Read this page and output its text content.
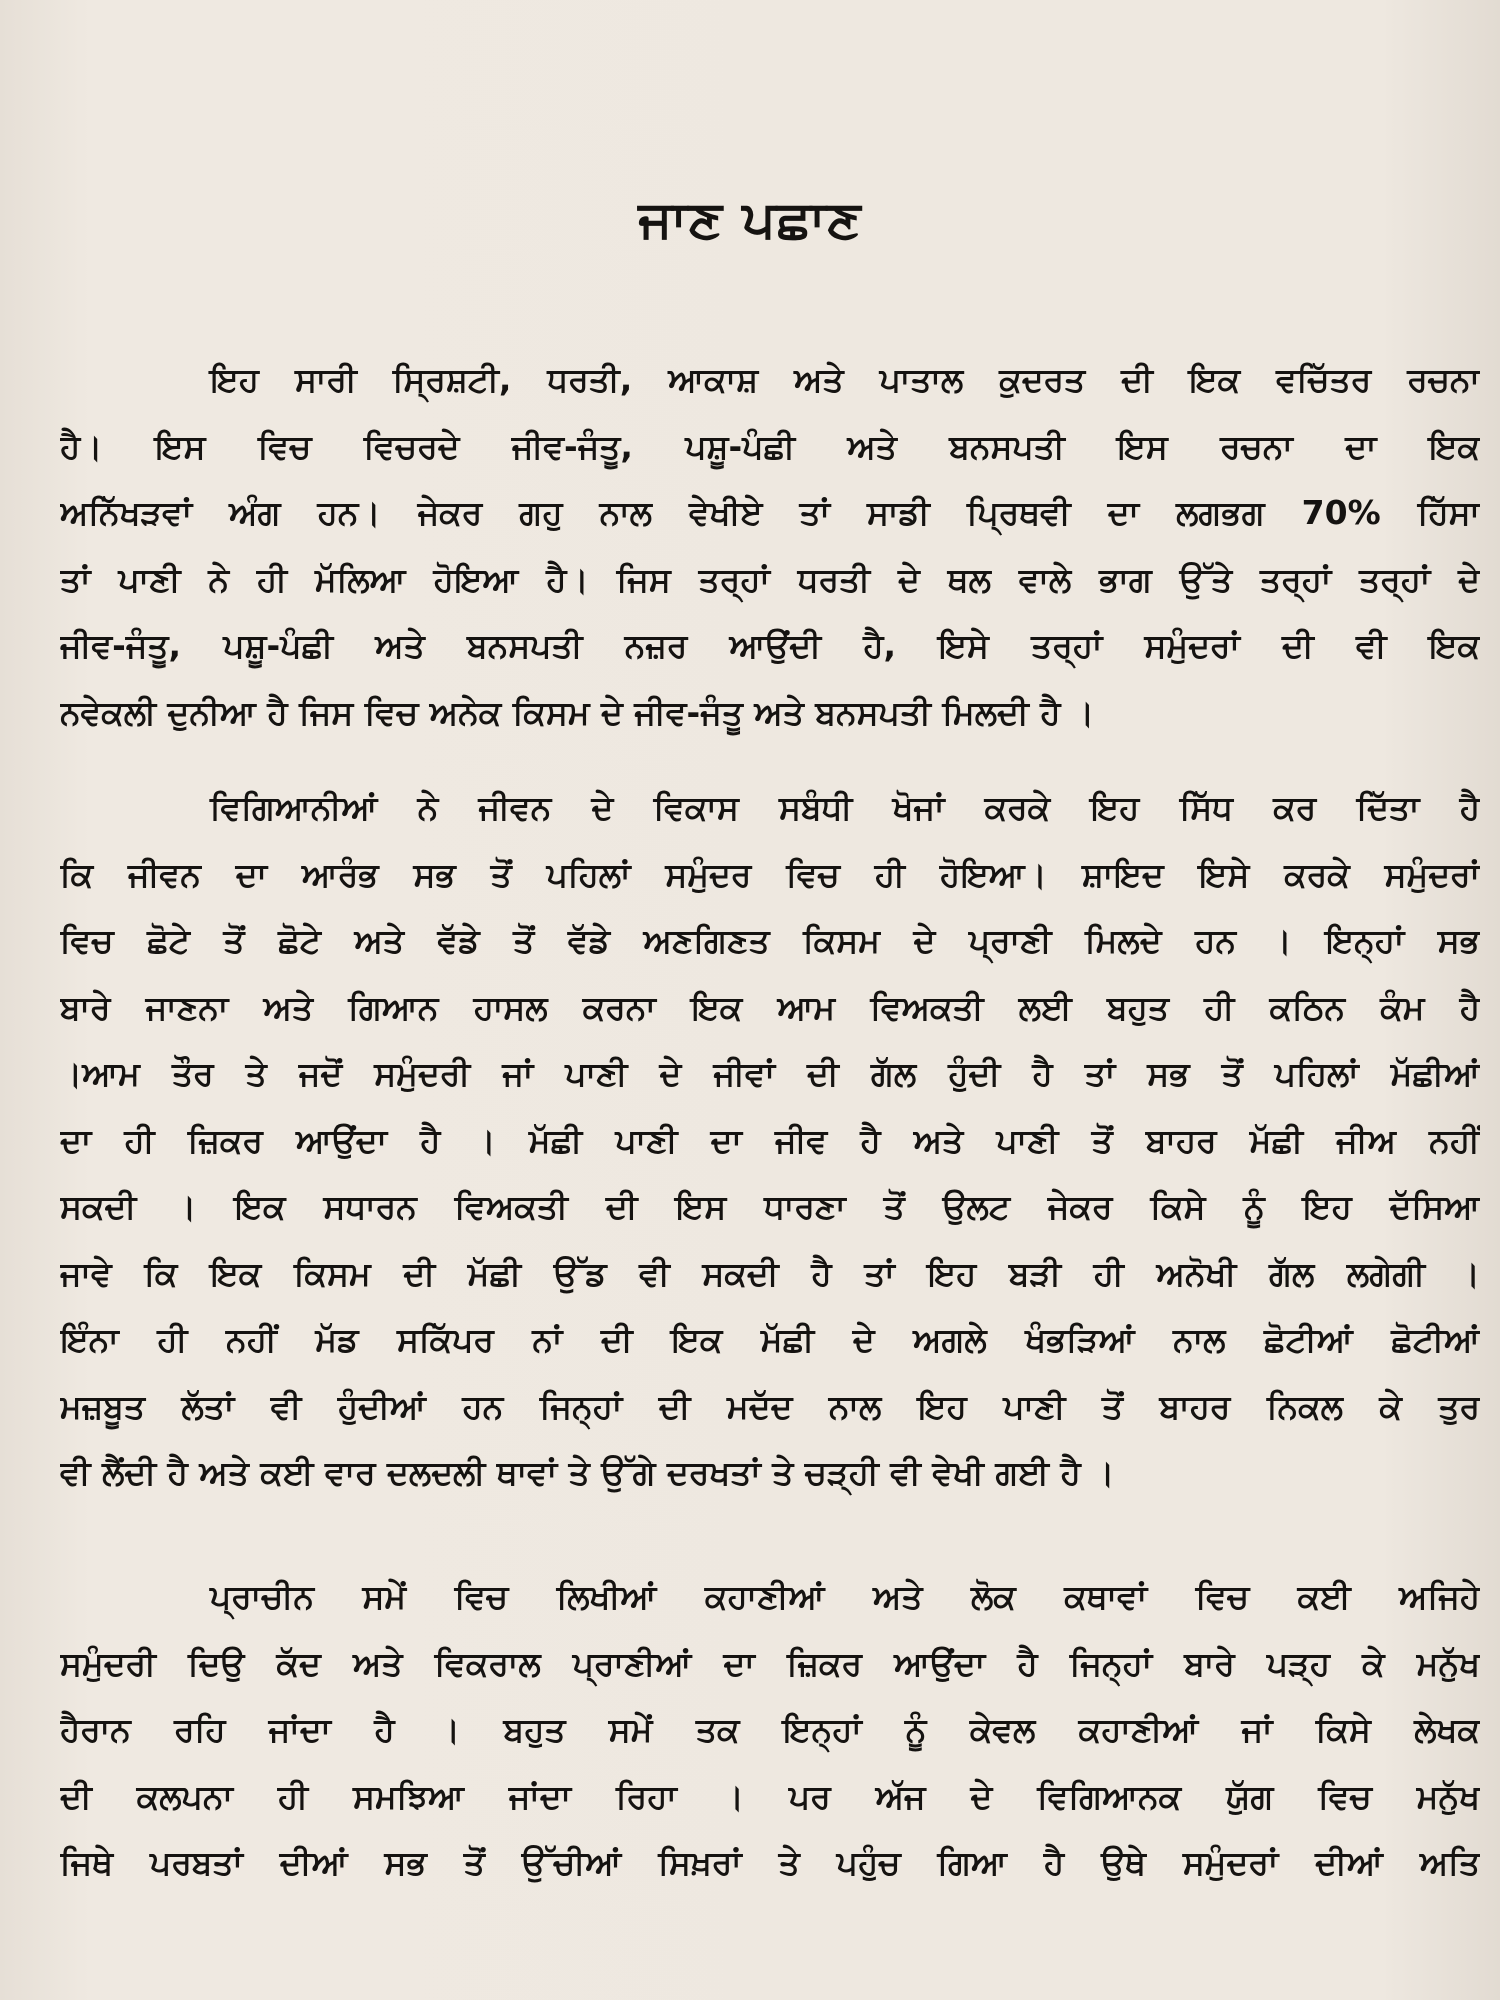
ਜਾਣ ਪਛਾਣ
ਇਹ ਸਾਰੀ ਸ੍ਰਿਸ਼ਟੀ, ਧਰਤੀ, ਆਕਾਸ਼ ਅਤੇ ਪਾਤਾਲ ਕੁਦਰਤ ਦੀ ਇਕ ਵਚਿੱਤਰ ਰਚਨਾ
ਹੈ। ਇਸ ਵਿਚ ਵਿਚਰਦੇ ਜੀਵ-ਜੰਤੂ, ਪਸ਼ੂ-ਪੰਛੀ ਅਤੇ ਬਨਸਪਤੀ ਇਸ ਰਚਨਾ ਦਾ ਇਕ
ਅਨਿੱਖੜਵਾਂ ਅੰਗ ਹਨ। ਜੇਕਰ ਗਹੁ ਨਾਲ ਵੇਖੀਏ ਤਾਂ ਸਾਡੀ ਪ੍ਰਿਥਵੀ ਦਾ ਲਗਭਗ 70% ਹਿੱਸਾ
ਤਾਂ ਪਾਣੀ ਨੇ ਹੀ ਮੱਲਿਆ ਹੋਇਆ ਹੈ। ਜਿਸ ਤਰ੍ਹਾਂ ਧਰਤੀ ਦੇ ਥਲ ਵਾਲੇ ਭਾਗ ਉੱਤੇ ਤਰ੍ਹਾਂ ਤਰ੍ਹਾਂ ਦੇ
ਜੀਵ-ਜੰਤੂ, ਪਸ਼ੂ-ਪੰਛੀ ਅਤੇ ਬਨਸਪਤੀ ਨਜ਼ਰ ਆਉਂਦੀ ਹੈ, ਇਸੇ ਤਰ੍ਹਾਂ ਸਮੁੰਦਰਾਂ ਦੀ ਵੀ ਇਕ
ਨਵੇਕਲੀ ਦੁਨੀਆ ਹੈ ਜਿਸ ਵਿਚ ਅਨੇਕ ਕਿਸਮ ਦੇ ਜੀਵ-ਜੰਤੂ ਅਤੇ ਬਨਸਪਤੀ ਮਿਲਦੀ ਹੈ ।
ਵਿਗਿਆਨੀਆਂ ਨੇ ਜੀਵਨ ਦੇ ਵਿਕਾਸ ਸਬੰਧੀ ਖੋਜਾਂ ਕਰਕੇ ਇਹ ਸਿੱਧ ਕਰ ਦਿੱਤਾ ਹੈ
ਕਿ ਜੀਵਨ ਦਾ ਆਰੰਭ ਸਭ ਤੋਂ ਪਹਿਲਾਂ ਸਮੁੰਦਰ ਵਿਚ ਹੀ ਹੋਇਆ। ਸ਼ਾਇਦ ਇਸੇ ਕਰਕੇ ਸਮੁੰਦਰਾਂ
ਵਿਚ ਛੋਟੇ ਤੋਂ ਛੋਟੇ ਅਤੇ ਵੱਡੇ ਤੋਂ ਵੱਡੇ ਅਣਗਿਣਤ ਕਿਸਮ ਦੇ ਪ੍ਰਾਣੀ ਮਿਲਦੇ ਹਨ । ਇਨ੍ਹਾਂ ਸਭ
ਬਾਰੇ ਜਾਣਨਾ ਅਤੇ ਗਿਆਨ ਹਾਸਲ ਕਰਨਾ ਇਕ ਆਮ ਵਿਅਕਤੀ ਲਈ ਬਹੁਤ ਹੀ ਕਠਿਨ ਕੰਮ ਹੈ
।ਆਮ ਤੌਰ ਤੇ ਜਦੋਂ ਸਮੁੰਦਰੀ ਜਾਂ ਪਾਣੀ ਦੇ ਜੀਵਾਂ ਦੀ ਗੱਲ ਹੁੰਦੀ ਹੈ ਤਾਂ ਸਭ ਤੋਂ ਪਹਿਲਾਂ ਮੱਛੀਆਂ
ਦਾ ਹੀ ਜ਼ਿਕਰ ਆਉਂਦਾ ਹੈ । ਮੱਛੀ ਪਾਣੀ ਦਾ ਜੀਵ ਹੈ ਅਤੇ ਪਾਣੀ ਤੋਂ ਬਾਹਰ ਮੱਛੀ ਜੀਅ ਨਹੀਂ
ਸਕਦੀ । ਇਕ ਸਧਾਰਨ ਵਿਅਕਤੀ ਦੀ ਇਸ ਧਾਰਣਾ ਤੋਂ ਉਲਟ ਜੇਕਰ ਕਿਸੇ ਨੂੰ ਇਹ ਦੱਸਿਆ
ਜਾਵੇ ਕਿ ਇਕ ਕਿਸਮ ਦੀ ਮੱਛੀ ਉੱਡ ਵੀ ਸਕਦੀ ਹੈ ਤਾਂ ਇਹ ਬੜੀ ਹੀ ਅਨੋਖੀ ਗੱਲ ਲਗੇਗੀ ।
ਇੰਨਾ ਹੀ ਨਹੀਂ ਮੱਡ ਸਕਿੱਪਰ ਨਾਂ ਦੀ ਇਕ ਮੱਛੀ ਦੇ ਅਗਲੇ ਖੰਭੜਿਆਂ ਨਾਲ ਛੋਟੀਆਂ ਛੋਟੀਆਂ
ਮਜ਼ਬੂਤ ਲੱਤਾਂ ਵੀ ਹੁੰਦੀਆਂ ਹਨ ਜਿਨ੍ਹਾਂ ਦੀ ਮਦੱਦ ਨਾਲ ਇਹ ਪਾਣੀ ਤੋਂ ਬਾਹਰ ਨਿਕਲ ਕੇ ਤੁਰ
ਵੀ ਲੈਂਦੀ ਹੈ ਅਤੇ ਕਈ ਵਾਰ ਦਲਦਲੀ ਥਾਵਾਂ ਤੇ ਉੱਗੇ ਦਰਖਤਾਂ ਤੇ ਚੜ੍ਹੀ ਵੀ ਵੇਖੀ ਗਈ ਹੈ ।
ਪ੍ਰਾਚੀਨ ਸਮੇਂ ਵਿਚ ਲਿਖੀਆਂ ਕਹਾਣੀਆਂ ਅਤੇ ਲੋਕ ਕਥਾਵਾਂ ਵਿਚ ਕਈ ਅਜਿਹੇ
ਸਮੁੰਦਰੀ ਦਿਉ ਕੱਦ ਅਤੇ ਵਿਕਰਾਲ ਪ੍ਰਾਣੀਆਂ ਦਾ ਜ਼ਿਕਰ ਆਉਂਦਾ ਹੈ ਜਿਨ੍ਹਾਂ ਬਾਰੇ ਪੜ੍ਹ ਕੇ ਮਨੁੱਖ
ਹੈਰਾਨ ਰਹਿ ਜਾਂਦਾ ਹੈ । ਬਹੁਤ ਸਮੇਂ ਤਕ ਇਨ੍ਹਾਂ ਨੂੰ ਕੇਵਲ ਕਹਾਣੀਆਂ ਜਾਂ ਕਿਸੇ ਲੇਖਕ
ਦੀ ਕਲਪਨਾ ਹੀ ਸਮਝਿਆ ਜਾਂਦਾ ਰਿਹਾ । ਪਰ ਅੱਜ ਦੇ ਵਿਗਿਆਨਕ ਯੁੱਗ ਵਿਚ ਮਨੁੱਖ
ਜਿਥੇ ਪਰਬਤਾਂ ਦੀਆਂ ਸਭ ਤੋਂ ਉੱਚੀਆਂ ਸਿਖ਼ਰਾਂ ਤੇ ਪਹੁੰਚ ਗਿਆ ਹੈ ਉਥੇ ਸਮੁੰਦਰਾਂ ਦੀਆਂ ਅਤਿ
